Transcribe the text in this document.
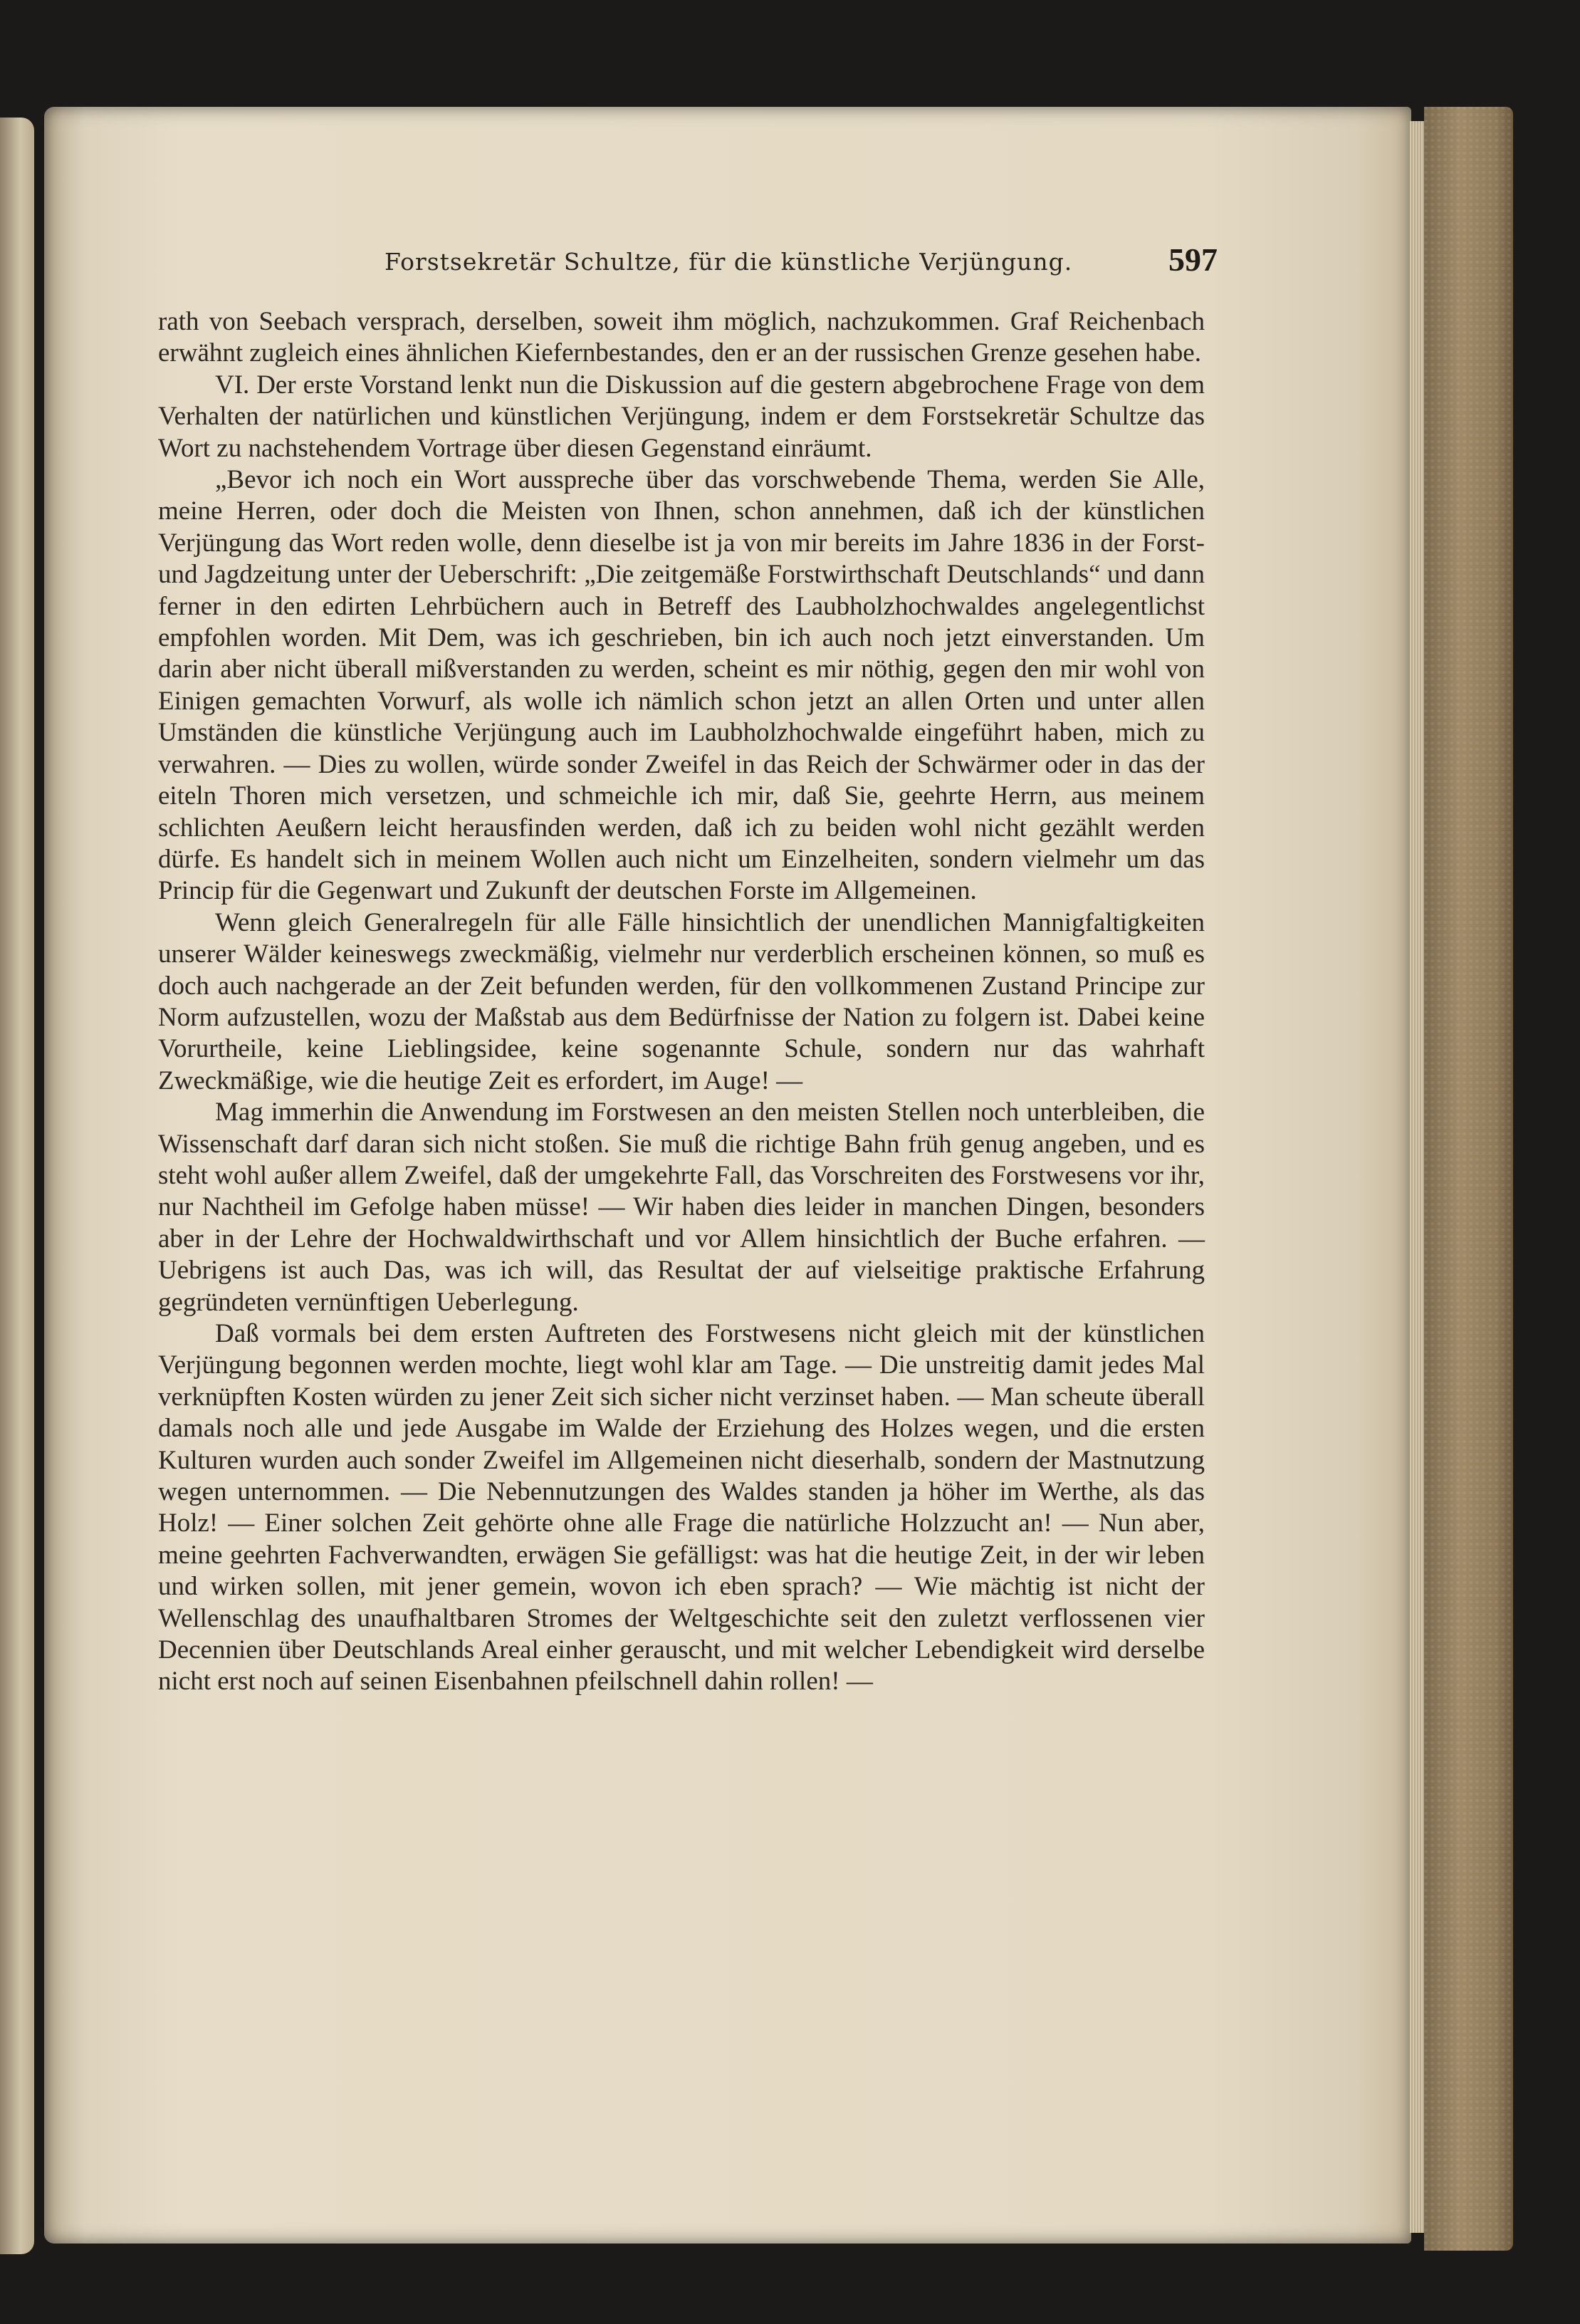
Forstsekretär Schultze, für die künstliche Verjüngung.	597

rath von Seebach versprach, derselben, soweit ihm möglich, nachzukommen. Graf Reichenbach erwähnt zugleich eines ähnlichen Kiefernbestandes, den er an der russischen Grenze gesehen habe.

VI. Der erste Vorstand lenkt nun die Diskussion auf die gestern abgebrochene Frage von dem Verhalten der natürlichen und künstlichen Verjüngung, indem er dem Forstsekretär Schultze das Wort zu nachstehendem Vortrage über diesen Gegenstand einräumt.

„Bevor ich noch ein Wort ausspreche über das vorschwebende Thema, werden Sie Alle, meine Herren, oder doch die Meisten von Ihnen, schon annehmen, daß ich der künstlichen Verjüngung das Wort reden wolle, denn dieselbe ist ja von mir bereits im Jahre 1836 in der Forst- und Jagdzeitung unter der Ueberschrift: „Die zeitgemäße Forstwirthschaft Deutschlands“ und dann ferner in den edirten Lehrbüchern auch in Betreff des Laubholzhochwaldes angelegentlichst empfohlen worden. Mit Dem, was ich geschrieben, bin ich auch noch jetzt einverstanden. Um darin aber nicht überall mißverstanden zu werden, scheint es mir nöthig, gegen den mir wohl von Einigen gemachten Vorwurf, als wolle ich nämlich schon jetzt an allen Orten und unter allen Umständen die künstliche Verjüngung auch im Laubholzhochwalde eingeführt haben, mich zu verwahren. — Dies zu wollen, würde sonder Zweifel in das Reich der Schwärmer oder in das der eiteln Thoren mich versetzen, und schmeichle ich mir, daß Sie, geehrte Herrn, aus meinem schlichten Aeußern leicht herausfinden werden, daß ich zu beiden wohl nicht gezählt werden dürfe. Es handelt sich in meinem Wollen auch nicht um Einzelheiten, sondern vielmehr um das Princip für die Gegenwart und Zukunft der deutschen Forste im Allgemeinen.

Wenn gleich Generalregeln für alle Fälle hinsichtlich der unendlichen Mannigfaltigkeiten unserer Wälder keineswegs zweckmäßig, vielmehr nur verderblich erscheinen können, so muß es doch auch nachgerade an der Zeit befunden werden, für den vollkommenen Zustand Principe zur Norm aufzustellen, wozu der Maßstab aus dem Bedürfnisse der Nation zu folgern ist. Dabei keine Vorurtheile, keine Lieblingsidee, keine sogenannte Schule, sondern nur das wahrhaft Zweckmäßige, wie die heutige Zeit es erfordert, im Auge! —

Mag immerhin die Anwendung im Forstwesen an den meisten Stellen noch unterbleiben, die Wissenschaft darf daran sich nicht stoßen. Sie muß die richtige Bahn früh genug angeben, und es steht wohl außer allem Zweifel, daß der umgekehrte Fall, das Vorschreiten des Forstwesens vor ihr, nur Nachtheil im Gefolge haben müsse! — Wir haben dies leider in manchen Dingen, besonders aber in der Lehre der Hochwaldwirthschaft und vor Allem hinsichtlich der Buche erfahren. — Uebrigens ist auch Das, was ich will, das Resultat der auf vielseitige praktische Erfahrung gegründeten vernünftigen Ueberlegung.

Daß vormals bei dem ersten Auftreten des Forstwesens nicht gleich mit der künstlichen Verjüngung begonnen werden mochte, liegt wohl klar am Tage. — Die unstreitig damit jedes Mal verknüpften Kosten würden zu jener Zeit sich sicher nicht verzinset haben. — Man scheute überall damals noch alle und jede Ausgabe im Walde der Erziehung des Holzes wegen, und die ersten Kulturen wurden auch sonder Zweifel im Allgemeinen nicht dieserhalb, sondern der Mastnutzung wegen unternommen. — Die Nebennutzungen des Waldes standen ja höher im Werthe, als das Holz! — Einer solchen Zeit gehörte ohne alle Frage die natürliche Holzzucht an! — Nun aber, meine geehrten Fachverwandten, erwägen Sie gefälligst: was hat die heutige Zeit, in der wir leben und wirken sollen, mit jener gemein, wovon ich eben sprach? — Wie mächtig ist nicht der Wellenschlag des unaufhaltbaren Stromes der Weltgeschichte seit den zuletzt verflossenen vier Decennien über Deutschlands Areal einher gerauscht, und mit welcher Lebendigkeit wird derselbe nicht erst noch auf seinen Eisenbahnen pfeilschnell dahin rollen! —
